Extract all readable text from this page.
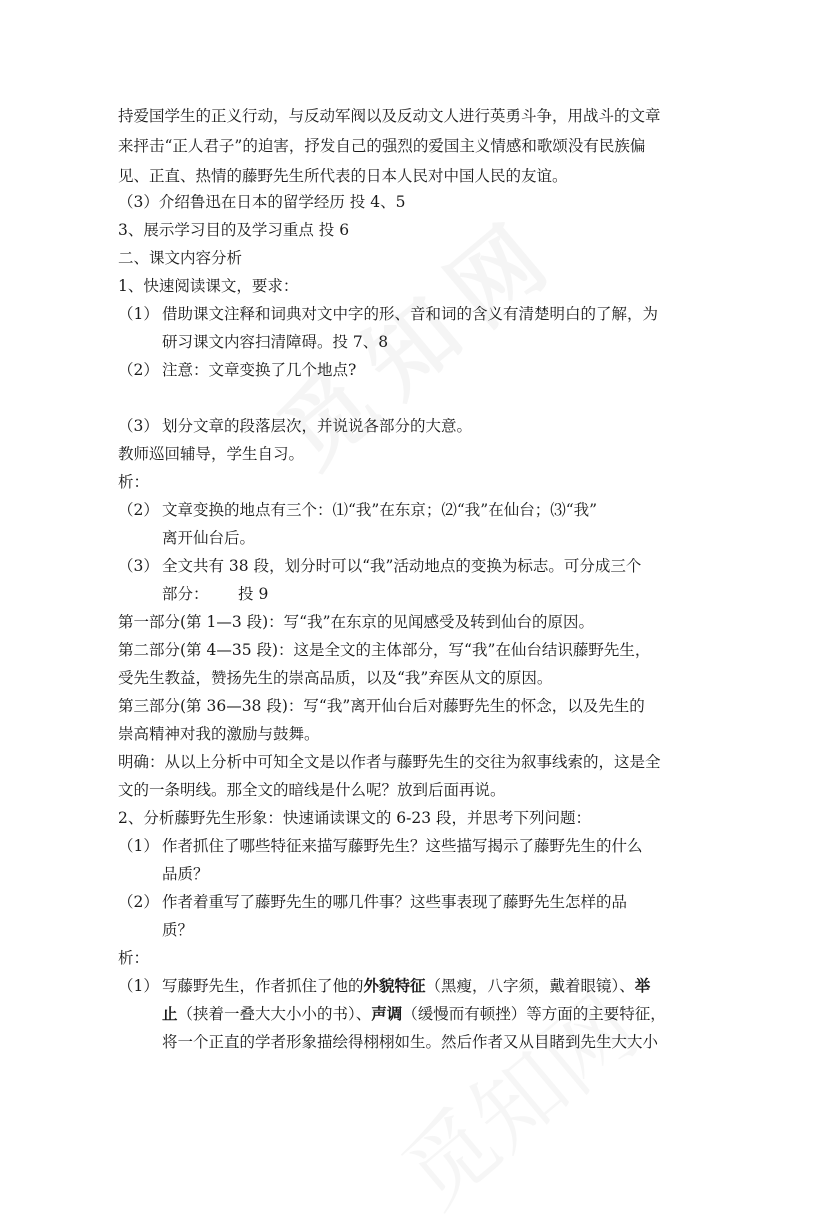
持爱国学生的正义行动，与反动军阀以及反动文人进行英勇斗争，用战斗的文章
来抨击“正人君子”的迫害，抒发自己的强烈的爱国主义情感和歌颂没有民族偏
见、正直、热情的藤野先生所代表的日本人民对中国人民的友谊。
（3）介绍鲁迅在日本的留学经历 投 4、5
3、展示学习目的及学习重点 投 6
二、课文内容分析
1、快速阅读课文，要求：
（1） 借助课文注释和词典对文中字的形、音和词的含义有清楚明白的了解，为
研习课文内容扫清障碍。投 7、8
（2） 注意：文章变换了几个地点?
（3） 划分文章的段落层次，并说说各部分的大意。
教师巡回辅导，学生自习。
析：
（2） 文章变换的地点有三个：⑴“我”在东京；⑵“我”在仙台；⑶“我”
离开仙台后。
（3） 全文共有 38 段，划分时可以“我”活动地点的变换为标志。可分成三个
部分：      投 9
第一部分(第 1—3 段)：写“我”在东京的见闻感受及转到仙台的原因。
第二部分(第 4—35 段)：这是全文的主体部分，写“我”在仙台结识藤野先生，
受先生教益，赞扬先生的崇高品质，以及“我”弃医从文的原因。
第三部分(第 36—38 段)：写“我”离开仙台后对藤野先生的怀念，以及先生的
崇高精神对我的激励与鼓舞。
明确：从以上分析中可知全文是以作者与藤野先生的交往为叙事线索的，这是全
文的一条明线。那全文的暗线是什么呢？放到后面再说。
2、分析藤野先生形象：快速诵读课文的 6-23 段，并思考下列问题：
（1） 作者抓住了哪些特征来描写藤野先生？这些描写揭示了藤野先生的什么
品质？
（2） 作者着重写了藤野先生的哪几件事？这些事表现了藤野先生怎样的品
质？
析：
（1） 写藤野先生，作者抓住了他的外貌特征（黑瘦，八字须，戴着眼镜）、举
止（挟着一叠大大小小的书）、声调（缓慢而有顿挫）等方面的主要特征，
将一个正直的学者形象描绘得栩栩如生。然后作者又从目睹到先生大大小
